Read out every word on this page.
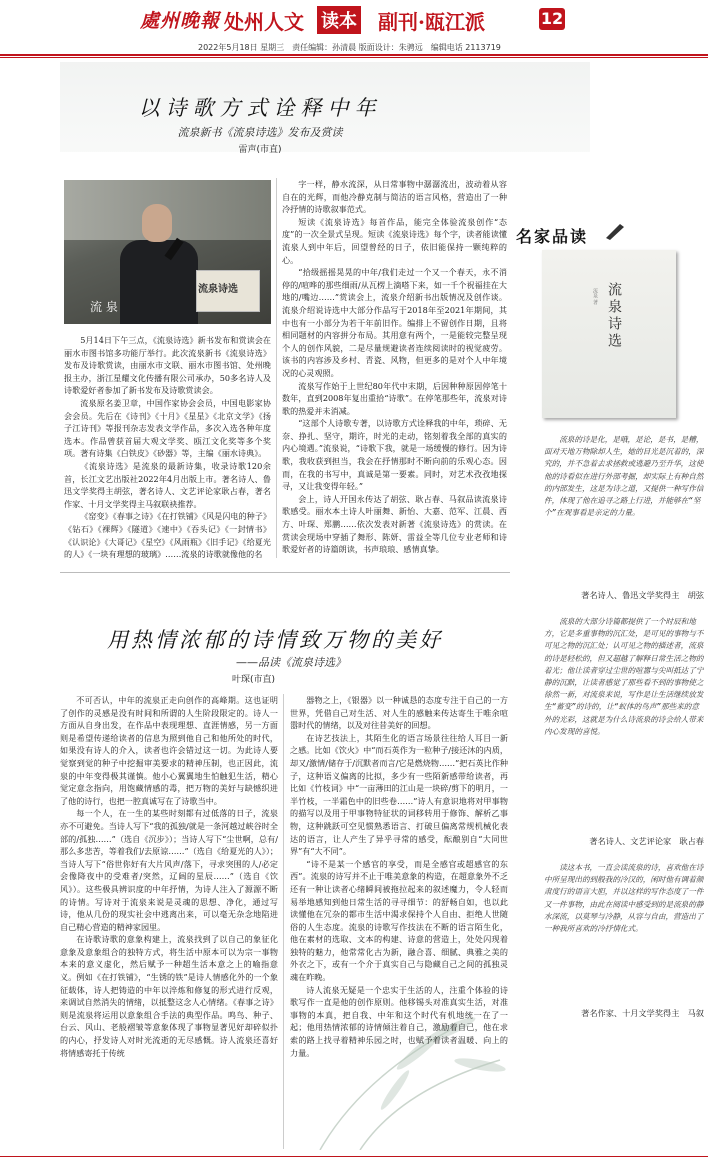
處州晚報 处州人文 读本 副刊·瓯江派	12
2022年5月18日 星期三　责任编辑：孙清晨 版面设计：朱骋远　编辑电话 2113719
以诗歌方式诠释中年
流泉新书《流泉诗选》发布及赏读
雷声(市直)
流泉诗选
流 泉

5月14日下午三点，《流泉诗选》新书发布和赏读会在丽水市图书馆多功能厅举行。此次流泉新书《流泉诗选》发布及诗歌赏读，由丽水市文联、丽水市图书馆、处州晚报主办，浙江星耀文化传播有限公司承办，50多名诗人及诗歌爱好者参加了新书发布及诗歌赏读会。

流泉原名姜卫章，中国作家协会会员，中国电影家协会会员。先后在《诗刊》《十月》《星星》《北京文学》《扬子江诗刊》等报刊杂志发表文学作品，多次入选各种年度选本。作品曾获首届大观文学奖、瓯江文化奖等多个奖项。著有诗集《白铁皮》《砂器》等，主编《丽水诗典》。

《流泉诗选》是流泉的最新诗集，收录诗歌120余首，长江文艺出版社2022年4月出版上市。著名诗人、鲁迅文学奖得主胡弦，著名诗人、文艺评论家耿占春，著名作家、十月文学奖得主马叙联袂推荐。

《窑变》《春事之诗》《在打铁铺》《风是闪电的种子》《钻石》《裸辉》《隧道》《速中》《吞头记》《一封情书》《认识论》《大哥记》《星空》《风雨瓶》《旧手记》《给夏光的人》《一块有理想的玻璃》……流泉的诗歌就像他的名

字一样，静水流深，从日常事物中潺潺流出，波动着从容自在的光辉，而他冷静克制与简洁的语言风格，营造出了一种冷抒情的诗歌叙事范式。

短读《流泉诗选》每首作品，能完全体验流泉创作“态度”的一次全景式呈现。短读《流泉诗选》每个字，读者能读懂流泉人到中年后，回望曾经的日子，依旧能保持一颗纯粹的心。

“拾级摇摇晃晃的中年/我们走过一个又一个春天，永不消停的/喧哗的那些细雨/从瓦楞上滴嗒下来，如一千个祝福挂在大地的/嘴边……”赏读会上，流泉介绍新书出版情况及创作谈。流泉介绍说诗选中大部分作品写于2018年至2021年期间，其中也有一小部分为若干年前旧作。编排上不留创作日期，且将相同题材的内容拼分布局。其用意有两个，一是能较完整呈现个人的创作风貌，二是尽量规避读者连续阅读时的视觉疲劳。该书的内容涉及乡村、青瓷、风物，但更多的是对个人中年境况的心灵观照。

流泉写作始于上世纪80年代中末期，后因种种原因停笔十数年，直到2008年复出重拾“诗歌”。在停笔那些年，流泉对诗歌的热爱并未消减。

“这部个人诗歌专著，以诗歌方式诠释我的中年，琐碎、无奈、挣扎、坚守，期许，时光的走动，铭刻着我全部的真实的内心境遇。”流泉说，“诗歌下我，就是一场缓慢的修行。因为诗歌，我收获到担当，我会在抒情那时不断向前的乐观心态。因而，在我的书写中，真诚是第一要素。同时，对艺术孜孜地探寻，又让我变得年轻。”

会上，诗人开国永传达了胡弦、耿占春、马叙品读流泉诗歌感受。丽水本土诗人叶丽舞、新怡、大嘉、范军、江晨、西方、叶琛、郑鹏……依次发表对新著《流泉诗选》的赏读。在赏读会现场中穿插了舞形、陈妍、雷益全等几位专业老师和诗歌爱好者的诗篇朗读，书声琅琅、感情真挚。

用热情浓郁的诗情致万物的美好
——品读《流泉诗选》
叶琛(市直)

不可否认，中年的流泉正走向创作的高峰期。这也证明了创作的灵感是没有时间和所谓的人生阶段限定的。诗人一方面从自身出发，在作品中表现理想、直涯情感，另一方面则是希望传递给读者的信息为照到他自己和他所处的时代，如果没有诗人的介入，读者也许会错过这一切。为此诗人要觉察到觉的种子中挖掘审美要求的精神压制，也正因此，流泉的中年变得极其谨慎。他小心翼翼地生怕触犯生活，精心觉定意念指向，用饱藏情感的毒，把万物的美好与缺憾织进了他的诗行，也把一腔真诚写在了诗歌当中。

每一个人，在一生的某些时刻都有过低落的日子，流泉亦不可避免。当诗人写下“我的孤独/就是一条河越过峡谷时全部的/孤独……”（选自《沉步》）；当诗人写下“尘世啊，总有/那么多悲苦，等着我们/去原谅……”（选自《给夏光的人》）；当诗人写下“俗世你好有大片风声/落下，寻求突围的人/必定会像降夜中的受难者/突然，辽阔的星辰……”（选自《饮风》）。这些极具辨识度的中年抒情，为诗人注入了源源不断的诗情。写诗对于流泉来说是灵魂的思想、净化，通过写诗，他从几份的现实社会中逃离出来，可以毫无杂念地陷进自己精心营造的精神家园里。

在诗歌诗歌的意象构建上，流泉找到了以自己的象征化意象及意象组合的独特方式，将生活中原本可以为宗一事物本来的意义虚化，然后赋予一种超生活本意之上的喻指意义。例如《在打铁铺》，“生锈的铁”是诗人情感化外的一个象征载体，诗人把铸造的中年以淬炼和修复的形式进行反观，来调试自然消失的情绪，以抵整这念人心情绪。《春事之诗》则是流泉将运用以意象组合手法的典型作品。鸣鸟、种子、台云、风山、老般褶皱等意象体现了事物显著见好却碎似扑的内心，抒发诗人对时光流逝的无尽感慨。诗人流泉还喜好将情感寄托于传统

器物之上，《银器》以一种诚恳的态度专注于自己的一方世界，凭借自己对生活、对人生的感触来传达寄生于唯余喧嚣时代的情绪，以及对往昔美好的回想。

在诗艺技法上，其陌生化的语言场景往往给人耳目一新之感。比如《饮火》中“而石英作为一粒种子/接还沐的内质，却又/激情/储存于/沉默者而言/它是燃烧物……”把石英比作种子，这种语义偏离的比拟，多少有一些陌新感带给读者，再比如《竹枝词》中“一亩薄田的江山是一块碎/剪下的明月，一半竹枝，一半霜色中的旧些卷……”诗人有意识地将对甲事物的描写以及用于甲事物特征状的词移转用于修饰、解析乙事物，这种跳跃可空见惯熟悉语言、打破旦偏离常规机械化表达的语言，让人产生了异乎寻常的感受，酝酿别自“大同世界”有“大不同”。

“诗不是某一个感官的享受，而是全感官或超感官的东西”。流泉的诗写并不止于唯美意象的构造，在超意象外不乏还有一种让读者心绪瞬间被拖拉起来的叙述魔力，令人轻而易举地感知到他日常生活的寻寻细节：的舒畅自如，也以此读懂他在冗杂的都市生活中渴求保持个人自由、拒绝人世随俗的人生态度。流泉的诗歌写作技法在不断的语言陌生化，他在素材的选取、文本的构建、诗意的营造上，处处闪现着独特的魅力，他常常化古为新，融合喜、细腻、典雅之美的外衣之下，或有一个介于真实自己与隐藏自己之间的孤独灵魂在昨晚。

诗人流泉无疑是一个忠实于生活的人，注重个体验的诗歌写作一直是他的创作原则。他移锡头对准真实生活，对准事物的本真，把自我、中年和这个时代有机地统一在了一起；他用热情浓郁的诗情倾注着自己，激励着自己，他在求索的路上找寻着精神乐园之时，也赋予着读者温暖、向上的力量。

名家品读
流泉诗选
流泉 著

流泉的诗是化，是哦，是论，是书，是糟，面对天地万物除却人生，她的目光是沉着的，深究的，并不急着去求拯救或逃避乃至升华，这使他的诗看似在进行外部考掘，却实际上有种自然的内部发生，这是为诗之道，又提供一种写作信件，体现了他在追寻之路上行进，并能够在“坚个”在观事看是亲定的力量。

著名诗人、鲁迅文学奖得主　胡弦

流泉的大部分诗篇都提供了一个时辰和地方，它是多重事物的沉汇处，是可见的事物与不可见之物的沉汇处；认可见之物的描述者，流泉的诗是轻松的，但又超越了解释日常生活之物的着光；他让读者穿过尘世的喧嚣与尖叫抵达了宁静的沉默，让读者感觉了那些看不到的事物使之徐然一新，对流泉来说，写作是让生活继续放发生“蓄变”的诗的，让“蚁体的鸟声”那些来的意外的光彩，这就是为什么诗流泉的诗会给人带来内心发现的喜悦。

著名诗人、文艺评论家　耿占春

读这本书，一直会读流泉的诗，喜欢他在诗中所呈现出的到般我的冷汉的，闲时他有调着颜肃度行的语言大胆，并以这样的写作态度了一件又一件事物，由此在阅读中感受到的是流泉的静水深流，以莫琴与冷静，从容与自由，营造出了一种我所喜欢的冷抒情化式。

著名作家、十月文学奖得主　马叙
